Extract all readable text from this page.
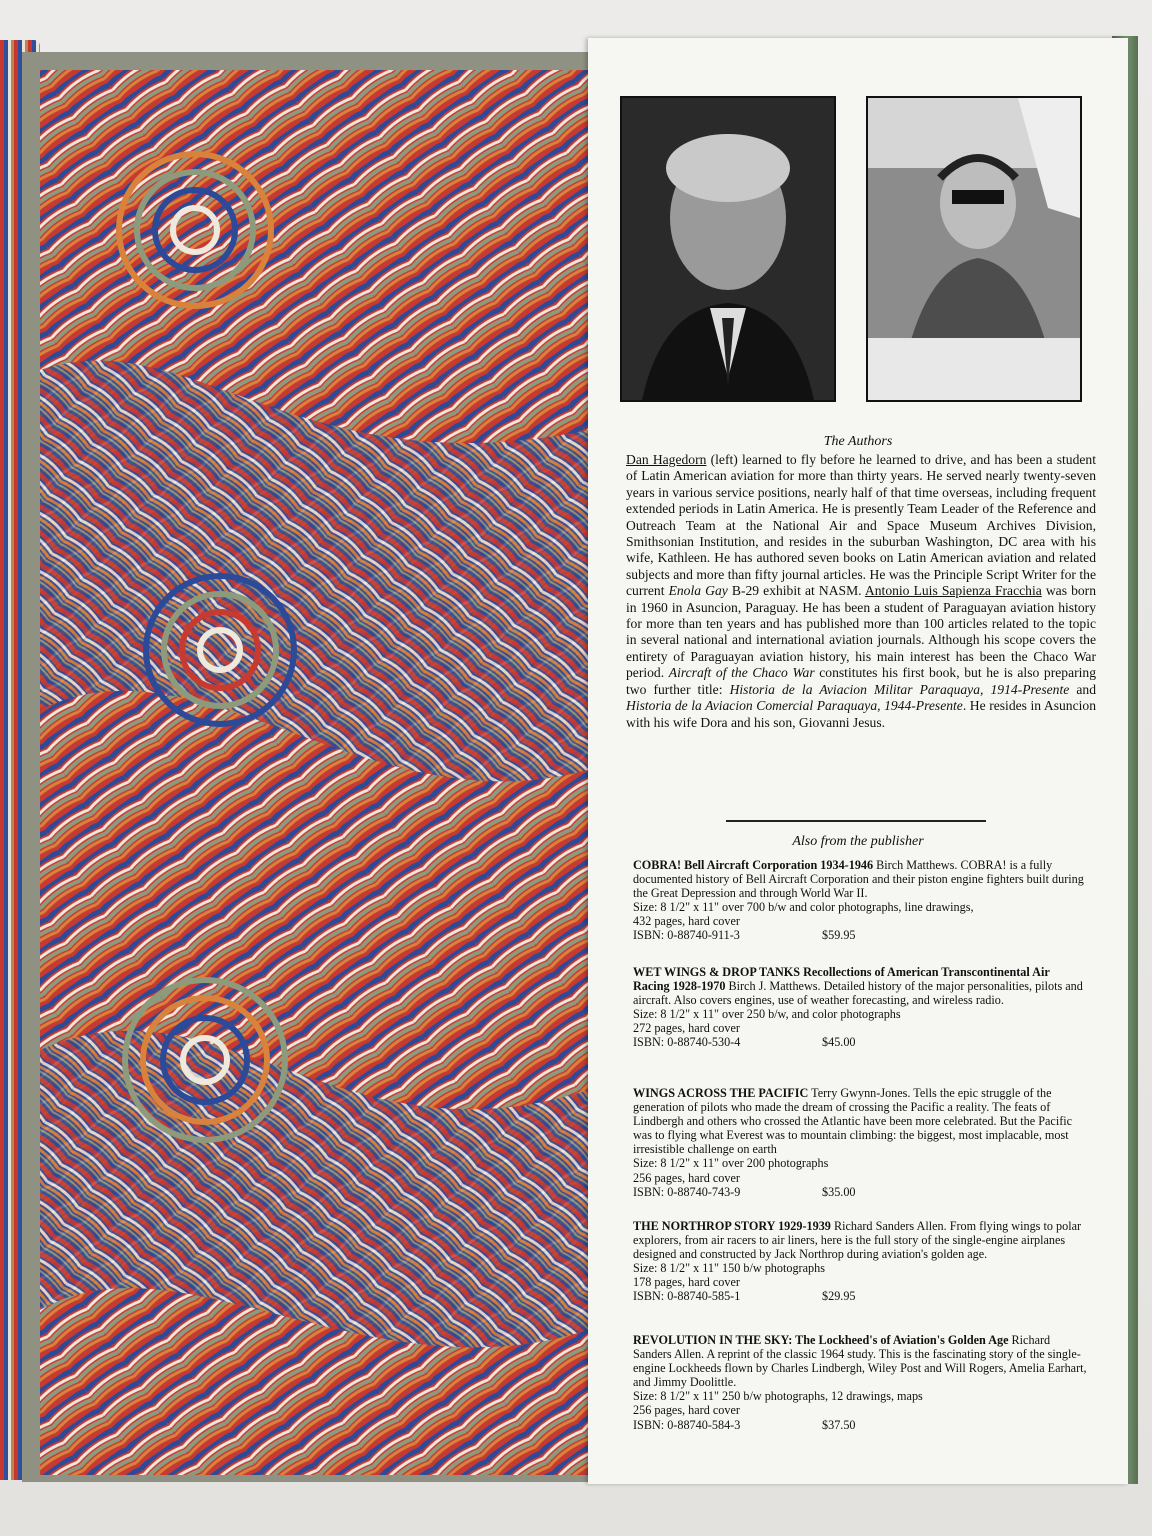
The Authors
Dan Hagedorn (left) learned to fly before he learned to drive, and has been a student of Latin American aviation for more than thirty years. He served nearly twenty-seven years in various service positions, nearly half of that time overseas, including frequent extended periods in Latin America. He is presently Team Leader of the Reference and Outreach Team at the National Air and Space Museum Archives Division, Smithsonian Institution, and resides in the suburban Washington, DC area with his wife, Kathleen. He has authored seven books on Latin American aviation and related subjects and more than fifty journal articles. He was the Principle Script Writer for the current Enola Gay B-29 exhibit at NASM. Antonio Luis Sapienza Fracchia was born in 1960 in Asuncion, Paraguay. He has been a student of Paraguayan aviation history for more than ten years and has published more than 100 articles related to the topic in several national and international aviation journals. Although his scope covers the entirety of Paraguayan aviation history, his main interest has been the Chaco War period. Aircraft of the Chaco War constitutes his first book, but he is also preparing two further title: Historia de la Aviacion Militar Paraquaya, 1914-Presente and Historia de la Aviacion Comercial Paraquaya, 1944-Presente. He resides in Asuncion with his wife Dora and his son, Giovanni Jesus.
Also from the publisher
COBRA! Bell Aircraft Corporation 1934-1946 Birch Matthews. COBRA! is a fully documented history of Bell Aircraft Corporation and their piston engine fighters built during the Great Depression and through World War II.
Size: 8 1/2" x 11" over 700 b/w and color photographs, line drawings,
432 pages, hard cover
ISBN: 0-88740-911-3	$59.95
WET WINGS & DROP TANKS Recollections of American Transcontinental Air Racing 1928-1970 Birch J. Matthews. Detailed history of the major personalities, pilots and aircraft. Also covers engines, use of weather forecasting, and wireless radio.
Size: 8 1/2" x 11" over 250 b/w, and color photographs
272 pages, hard cover
ISBN: 0-88740-530-4	$45.00
WINGS ACROSS THE PACIFIC Terry Gwynn-Jones. Tells the epic struggle of the generation of pilots who made the dream of crossing the Pacific a reality. The feats of Lindbergh and others who crossed the Atlantic have been more celebrated. But the Pacific was to flying what Everest was to mountain climbing: the biggest, most implacable, most irresistible challenge on earth
Size: 8 1/2" x 11" over 200 photographs
256 pages, hard cover
ISBN: 0-88740-743-9	$35.00
THE NORTHROP STORY 1929-1939 Richard Sanders Allen. From flying wings to polar explorers, from air racers to air liners, here is the full story of the single-engine airplanes designed and constructed by Jack Northrop during aviation's golden age.
Size: 8 1/2" x 11" 150 b/w photographs
178 pages, hard cover
ISBN: 0-88740-585-1	$29.95
REVOLUTION IN THE SKY: The Lockheed's of Aviation's Golden Age Richard Sanders Allen. A reprint of the classic 1964 study. This is the fascinating story of the single-engine Lockheeds flown by Charles Lindbergh, Wiley Post and Will Rogers, Amelia Earhart, and Jimmy Doolittle.
Size: 8 1/2" x 11" 250 b/w photographs, 12 drawings, maps
256 pages, hard cover
ISBN: 0-88740-584-3	$37.50
